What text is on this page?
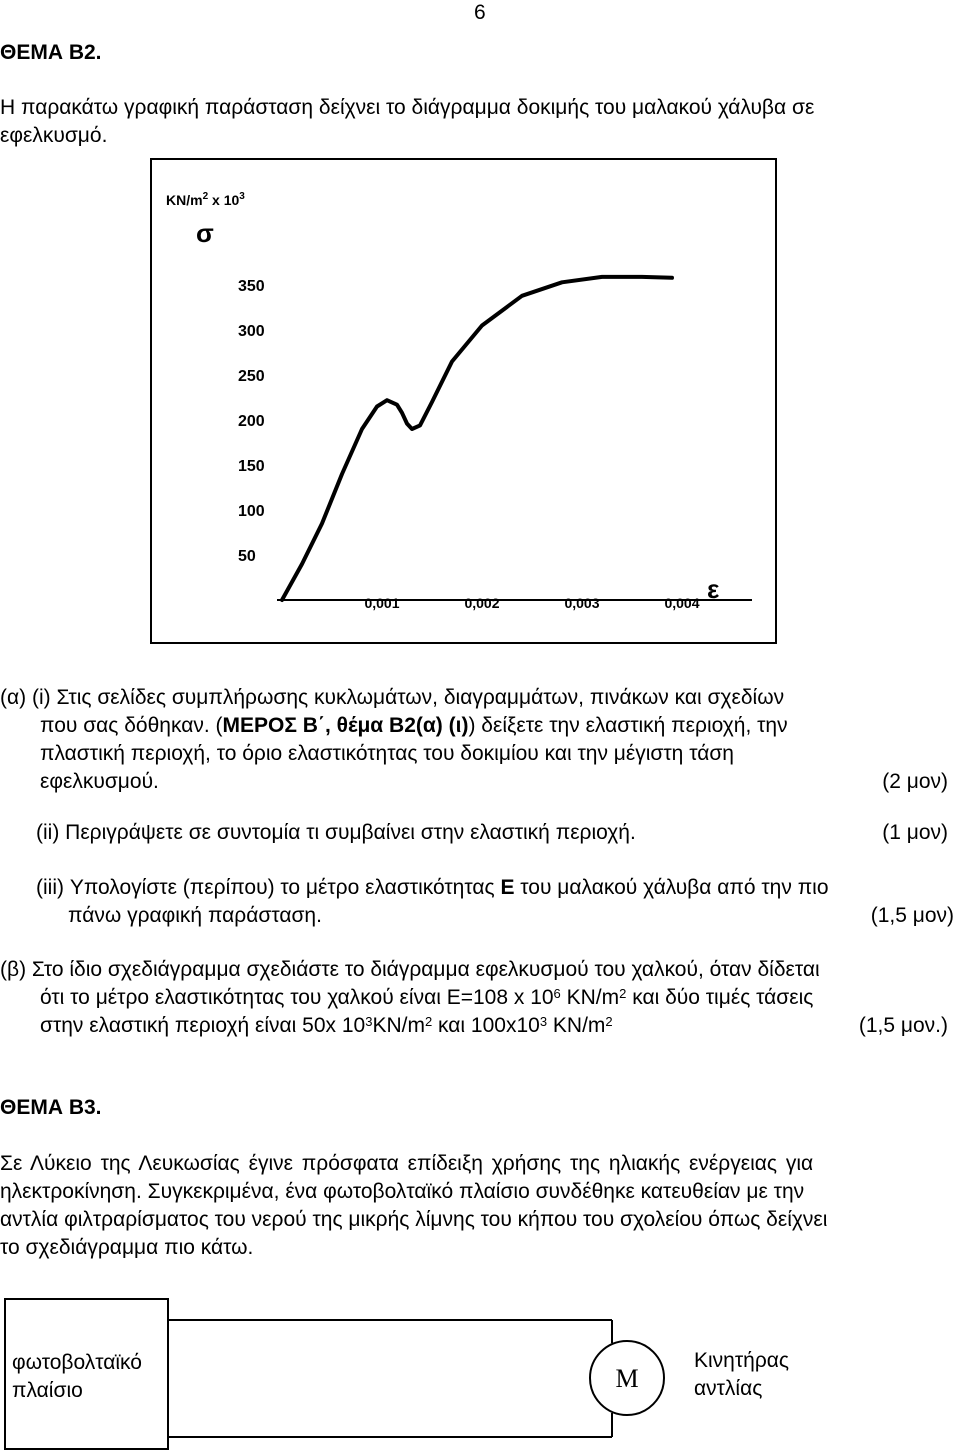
6
ΘΕΜΑ Β2.
Η παρακάτω γραφική παράσταση δείχνει το διάγραμμα δοκιμής του μαλακού χάλυβα σε
εφελκυσμό.
$KN/m^2$ x $10^3$
σ
ε
50
100
150
200
250
300
350
0,001	0,002	0,003	0,004
(α) (i) Στις σελίδες συμπλήρωσης κυκλωμάτων, διαγραμμάτων, πινάκων και σχεδίων
που σας δόθηκαν. (ΜΕΡΟΣ Β΄, θέμα Β2(α) (ι)) δείξετε την ελαστική περιοχή, την
πλαστική περιοχή, το όριο ελαστικότητας του δοκιμίου και την μέγιστη τάση
εφελκυσμού.	(2 μον)
(ii) Περιγράψετε σε συντομία τι συμβαίνει στην ελαστική περιοχή.	(1 μον)
(iii) Υπολογίστε (περίπου) το μέτρο ελαστικότητας Ε του μαλακού χάλυβα από την πιο
πάνω γραφική παράσταση.	(1,5 μον)
(β) Στο ίδιο σχεδιάγραμμα σχεδιάστε το διάγραμμα εφελκυσμού του χαλκού, όταν δίδεται
ότι το μέτρο ελαστικότητας του χαλκού είναι Ε=108 x $10^6$ $KN/m^2$ και δύο τιμές τάσεις
στην ελαστική περιοχή είναι 50x $10^3KN/m^2$ και $100x10^3$ $KN/m^2$	(1,5 μον.)
ΘΕΜΑ Β3.
Σε Λύκειο της Λευκωσίας έγινε πρόσφατα επίδειξη χρήσης της ηλιακής ενέργειας για
ηλεκτροκίνηση. Συγκεκριμένα, ένα φωτοβολταϊκό πλαίσιο συνδέθηκε κατευθείαν με την
αντλία φιλτραρίσματος του νερού της μικρής λίμνης του κήπου του σχολείου όπως δείχνει
το σχεδιάγραμμα πιο κάτω.
M
φωτοβολταϊκό
πλαίσιο
Κινητήρας
αντλίας
